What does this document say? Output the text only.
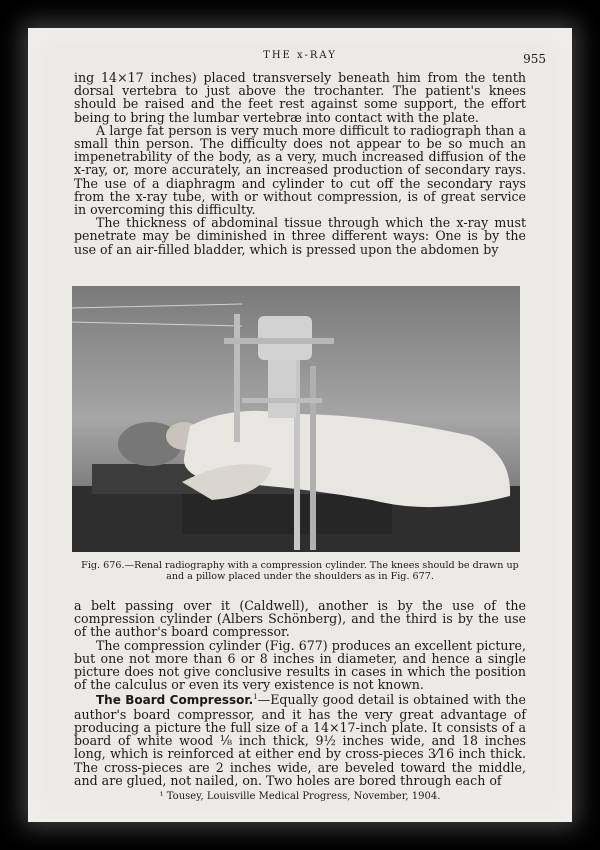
THE x-RAY	955

ing 14×17 inches) placed transversely beneath him from the tenth dorsal vertebra to just above the trochanter. The patient's knees should be raised and the feet rest against some support, the effort being to bring the lumbar vertebræ into contact with the plate.

A large fat person is very much more difficult to radiograph than a small thin person. The difficulty does not appear to be so much an impenetrability of the body, as a very, much increased diffusion of the x-ray, or, more accurately, an increased production of secondary rays. The use of a diaphragm and cylinder to cut off the secondary rays from the x-ray tube, with or without compression, is of great service in overcoming this difficulty.

The thickness of abdominal tissue through which the x-ray must penetrate may be diminished in three different ways: One is by the use of an air-filled bladder, which is pressed upon the abdomen by

Fig. 676.—Renal radiography with a compression cylinder. The knees should be drawn up and a pillow placed under the shoulders as in Fig. 677.

a belt passing over it (Caldwell), another is by the use of the compression cylinder (Albers Schönberg), and the third is by the use of the author's board compressor.

The compression cylinder (Fig. 677) produces an excellent picture, but one not more than 6 or 8 inches in diameter, and hence a single picture does not give conclusive results in cases in which the position of the calculus or even its very existence is not known.

The Board Compressor.$^1$—Equally good detail is obtained with the author's board compressor, and it has the very great advantage of producing a picture the full size of a 14×17-inch plate. It consists of a board of white wood ⅛ inch thick, 9½ inches wide, and 18 inches long, which is reinforced at either end by cross-pieces 3⁄16 inch thick. The cross-pieces are 2 inches wide, are beveled toward the middle, and are glued, not nailed, on. Two holes are bored through each of

¹ Tousey, Louisville Medical Progress, November, 1904.
